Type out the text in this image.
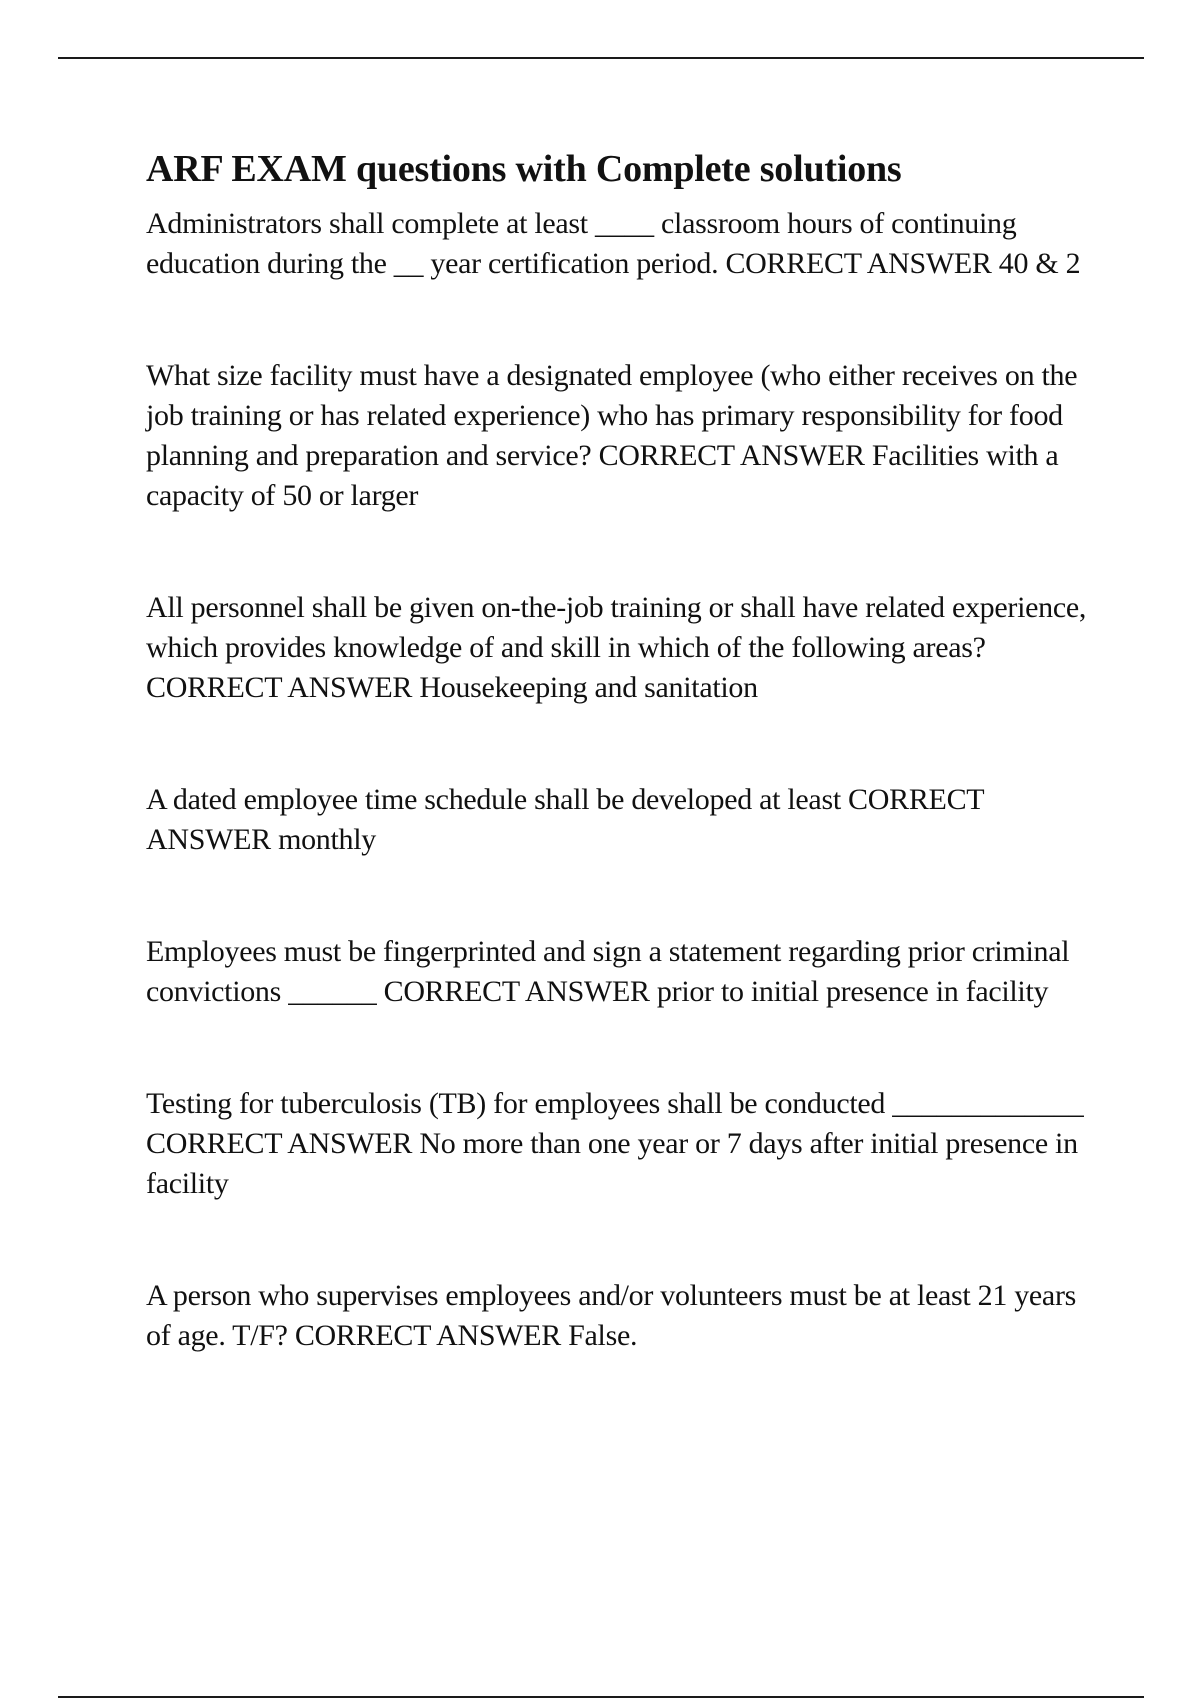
ARF EXAM questions with Complete solutions

Administrators shall complete at least ____ classroom hours of continuing education during the __ year certification period. CORRECT ANSWER 40 & 2

What size facility must have a designated employee (who either receives on the job training or has related experience) who has primary responsibility for food planning and preparation and service? CORRECT ANSWER Facilities with a capacity of 50 or larger

All personnel shall be given on-the-job training or shall have related experience, which provides knowledge of and skill in which of the following areas? CORRECT ANSWER Housekeeping and sanitation

A dated employee time schedule shall be developed at least CORRECT ANSWER monthly

Employees must be fingerprinted and sign a statement regarding prior criminal convictions ______ CORRECT ANSWER prior to initial presence in facility

Testing for tuberculosis (TB) for employees shall be conducted _____________ CORRECT ANSWER No more than one year or 7 days after initial presence in facility

A person who supervises employees and/or volunteers must be at least 21 years of age. T/F? CORRECT ANSWER False.
